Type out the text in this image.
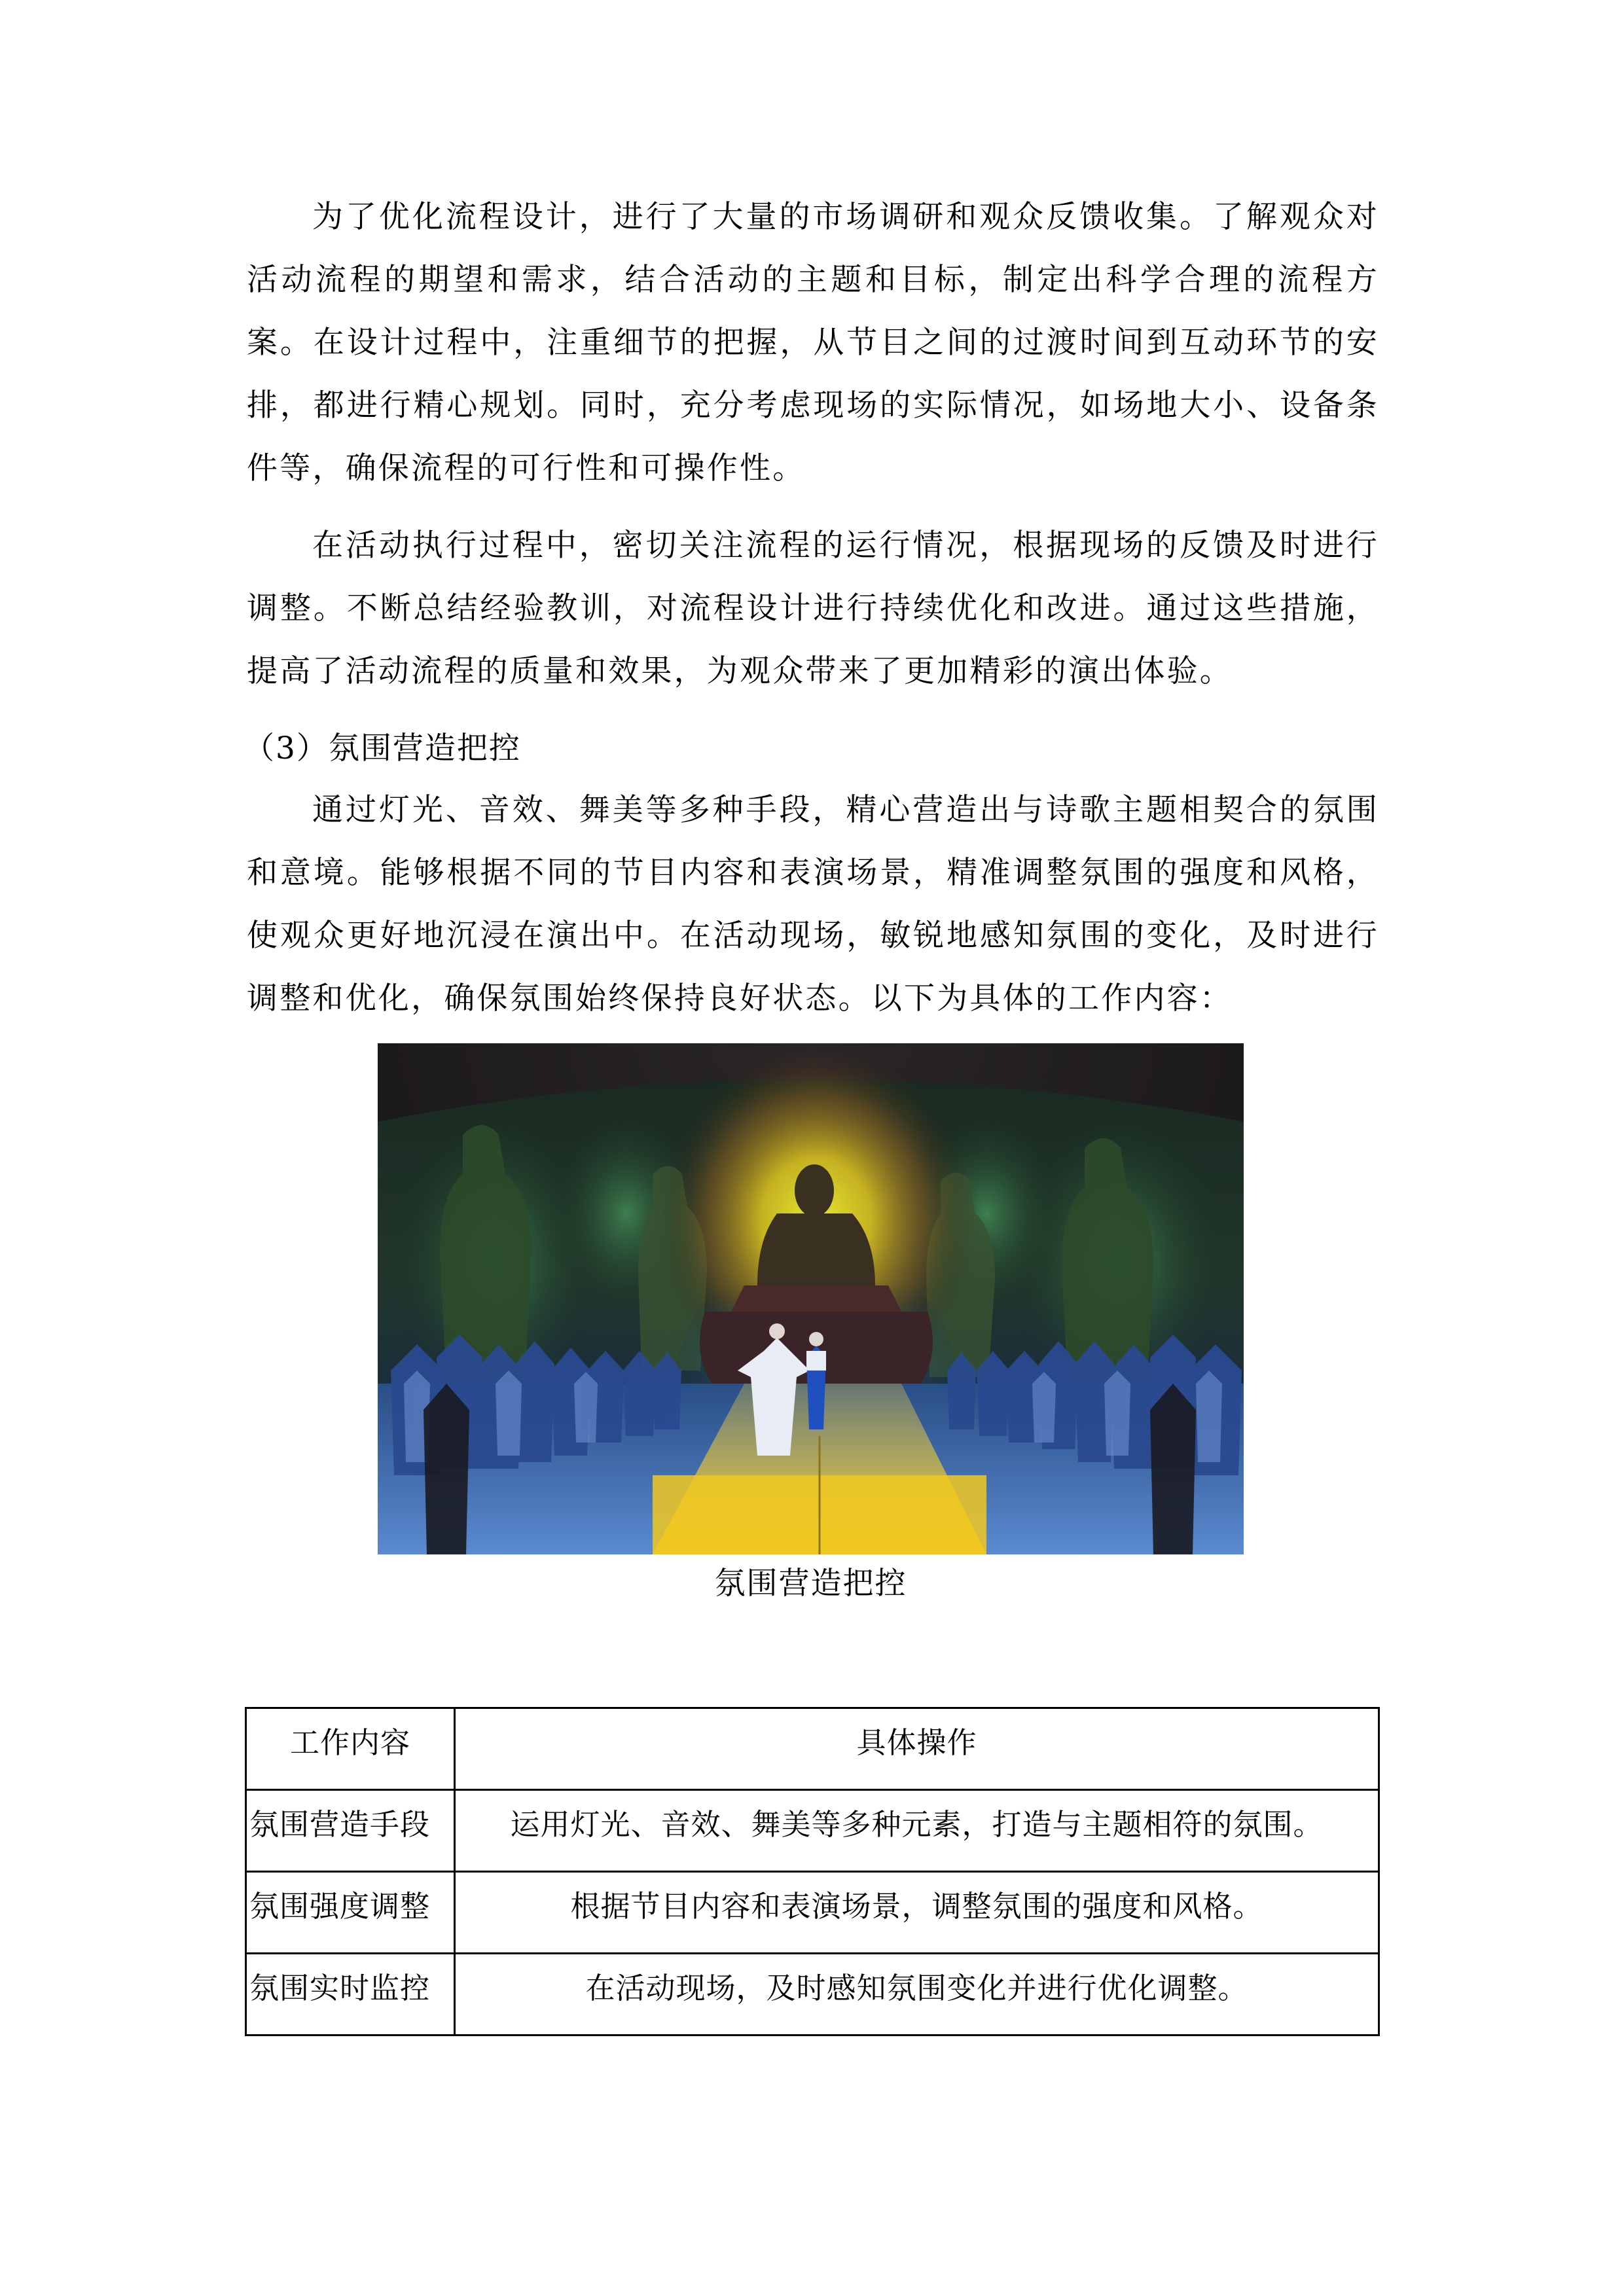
为了优化流程设计，进行了大量的市场调研和观众反馈收集。了解观众对活动流程的期望和需求，结合活动的主题和目标，制定出科学合理的流程方案。在设计过程中，注重细节的把握，从节目之间的过渡时间到互动环节的安排，都进行精心规划。同时，充分考虑现场的实际情况，如场地大小、设备条件等，确保流程的可行性和可操作性。

在活动执行过程中，密切关注流程的运行情况，根据现场的反馈及时进行调整。不断总结经验教训，对流程设计进行持续优化和改进。通过这些措施，提高了活动流程的质量和效果，为观众带来了更加精彩的演出体验。

（3）氛围营造把控

通过灯光、音效、舞美等多种手段，精心营造出与诗歌主题相契合的氛围和意境。能够根据不同的节目内容和表演场景，精准调整氛围的强度和风格，使观众更好地沉浸在演出中。在活动现场，敏锐地感知氛围的变化，及时进行调整和优化，确保氛围始终保持良好状态。以下为具体的工作内容：

氛围营造把控
工作内容	具体操作
氛围营造手段	运用灯光、音效、舞美等多种元素，打造与主题相符的氛围。
氛围强度调整	根据节目内容和表演场景，调整氛围的强度和风格。
氛围实时监控	在活动现场，及时感知氛围变化并进行优化调整。
